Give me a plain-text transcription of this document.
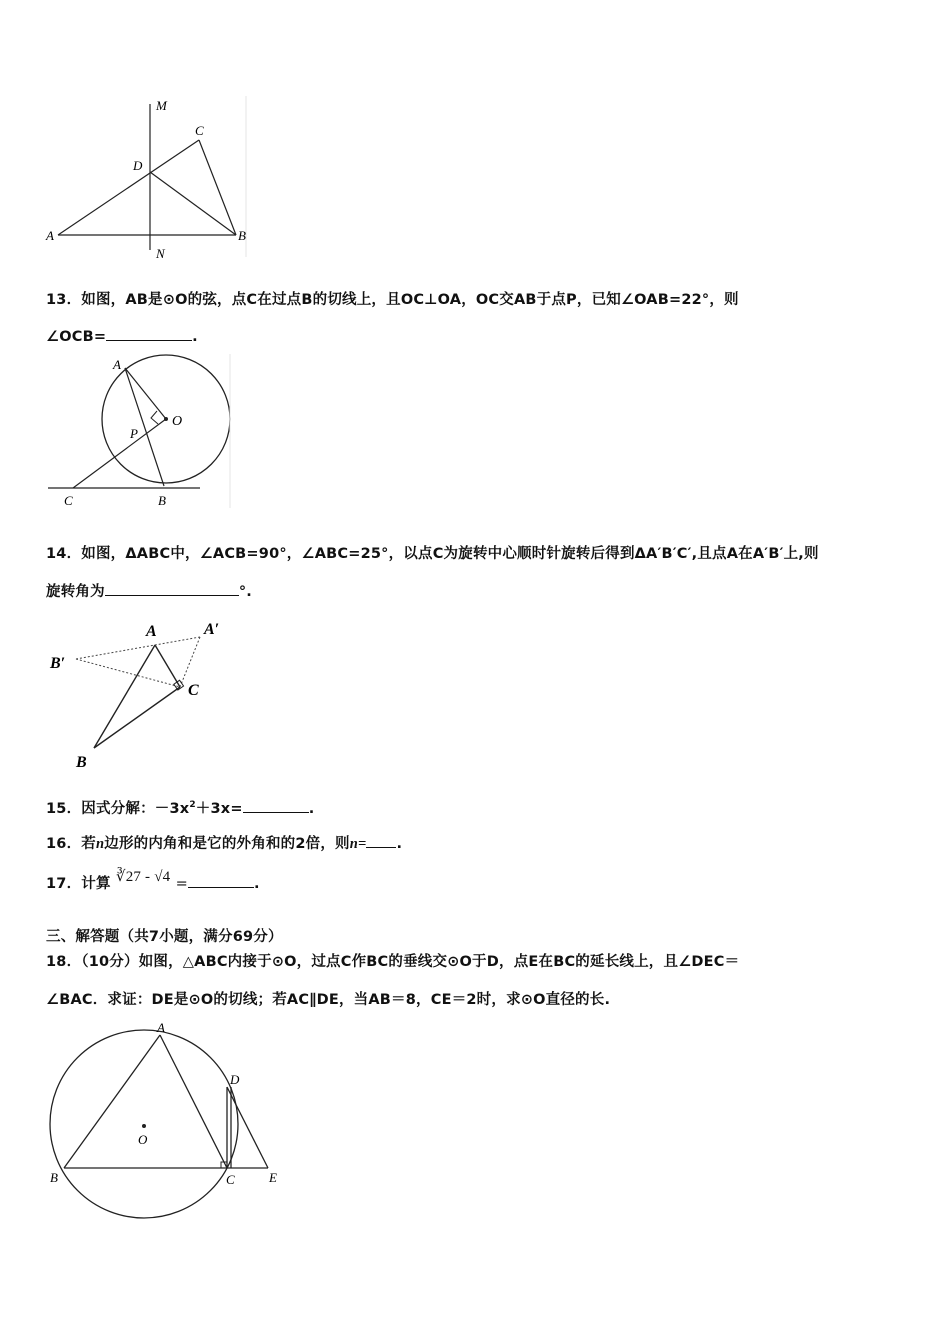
M
C
D
A
N
B
13．如图，AB是⊙O的弦，点C在过点B的切线上，且OC⊥OA，OC交AB于点P，已知∠OAB=22°，则
∠OCB=	.
A
O
P
C	B
14．如图，ΔABC中，∠ACB=90°，∠ABC=25°，以点C为旋转中心顺时针旋转后得到ΔA′B′C′,且点A在A′B′上,则
旋转角为	°.
A	A′
B′
C
B
15．因式分解：$-3x^2+3x=$	.
16．若n边形的内角和是它的外角和的2倍，则n= .
17．计算 ∛27 - √4 =	.
三、解答题（共7小题，满分69分）
18．（10分）如图，△ABC内接于⊙O，过点C作BC的垂线交⊙O于D，点E在BC的延长线上，且∠DEC＝
∠BAC．求证：DE是⊙O的切线；若AC∥DE，当AB＝8，CE＝2时，求⊙O直径的长.
A
D
O
B	C	E
